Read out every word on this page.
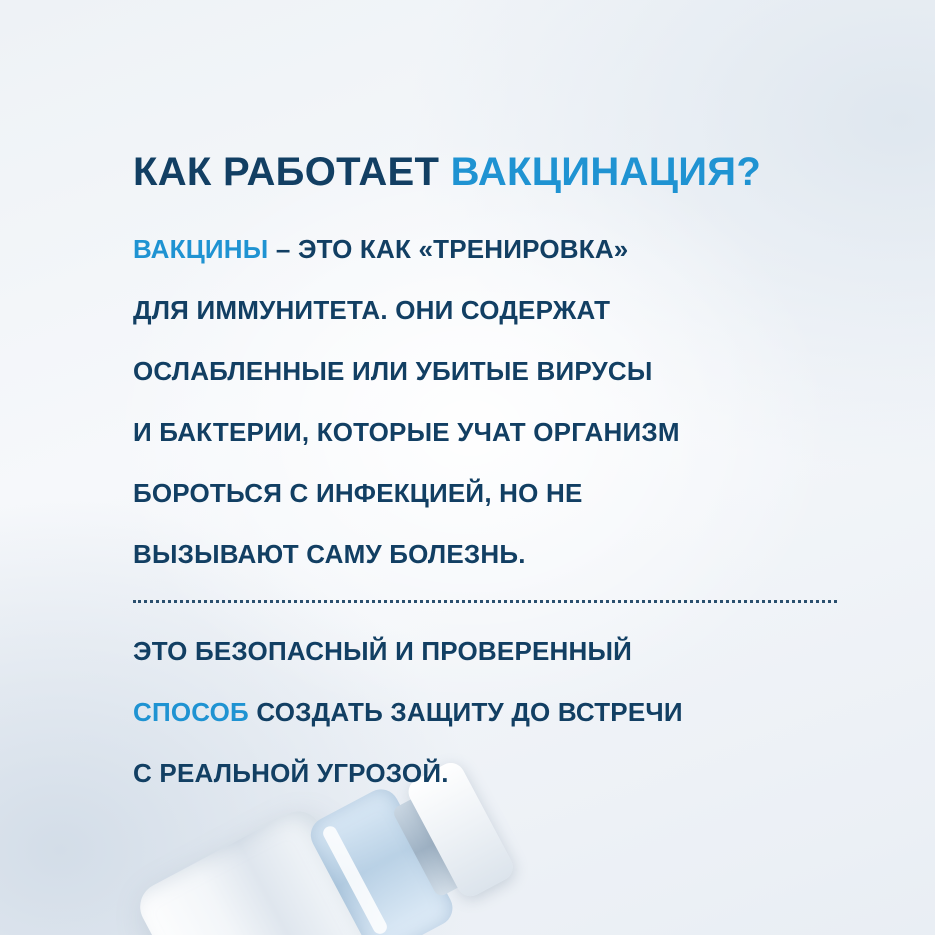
КАК РАБОТАЕТ ВАКЦИНАЦИЯ?
ВАКЦИНЫ – ЭТО КАК «ТРЕНИРОВКА»
ДЛЯ ИММУНИТЕТА. ОНИ СОДЕРЖАТ
ОСЛАБЛЕННЫЕ ИЛИ УБИТЫЕ ВИРУСЫ
И БАКТЕРИИ, КОТОРЫЕ УЧАТ ОРГАНИЗМ
БОРОТЬСЯ С ИНФЕКЦИЕЙ, НО НЕ
ВЫЗЫВАЮТ САМУ БОЛЕЗНЬ.
ЭТО БЕЗОПАСНЫЙ И ПРОВЕРЕННЫЙ
СПОСОБ СОЗДАТЬ ЗАЩИТУ ДО ВСТРЕЧИ
С РЕАЛЬНОЙ УГРОЗОЙ.
